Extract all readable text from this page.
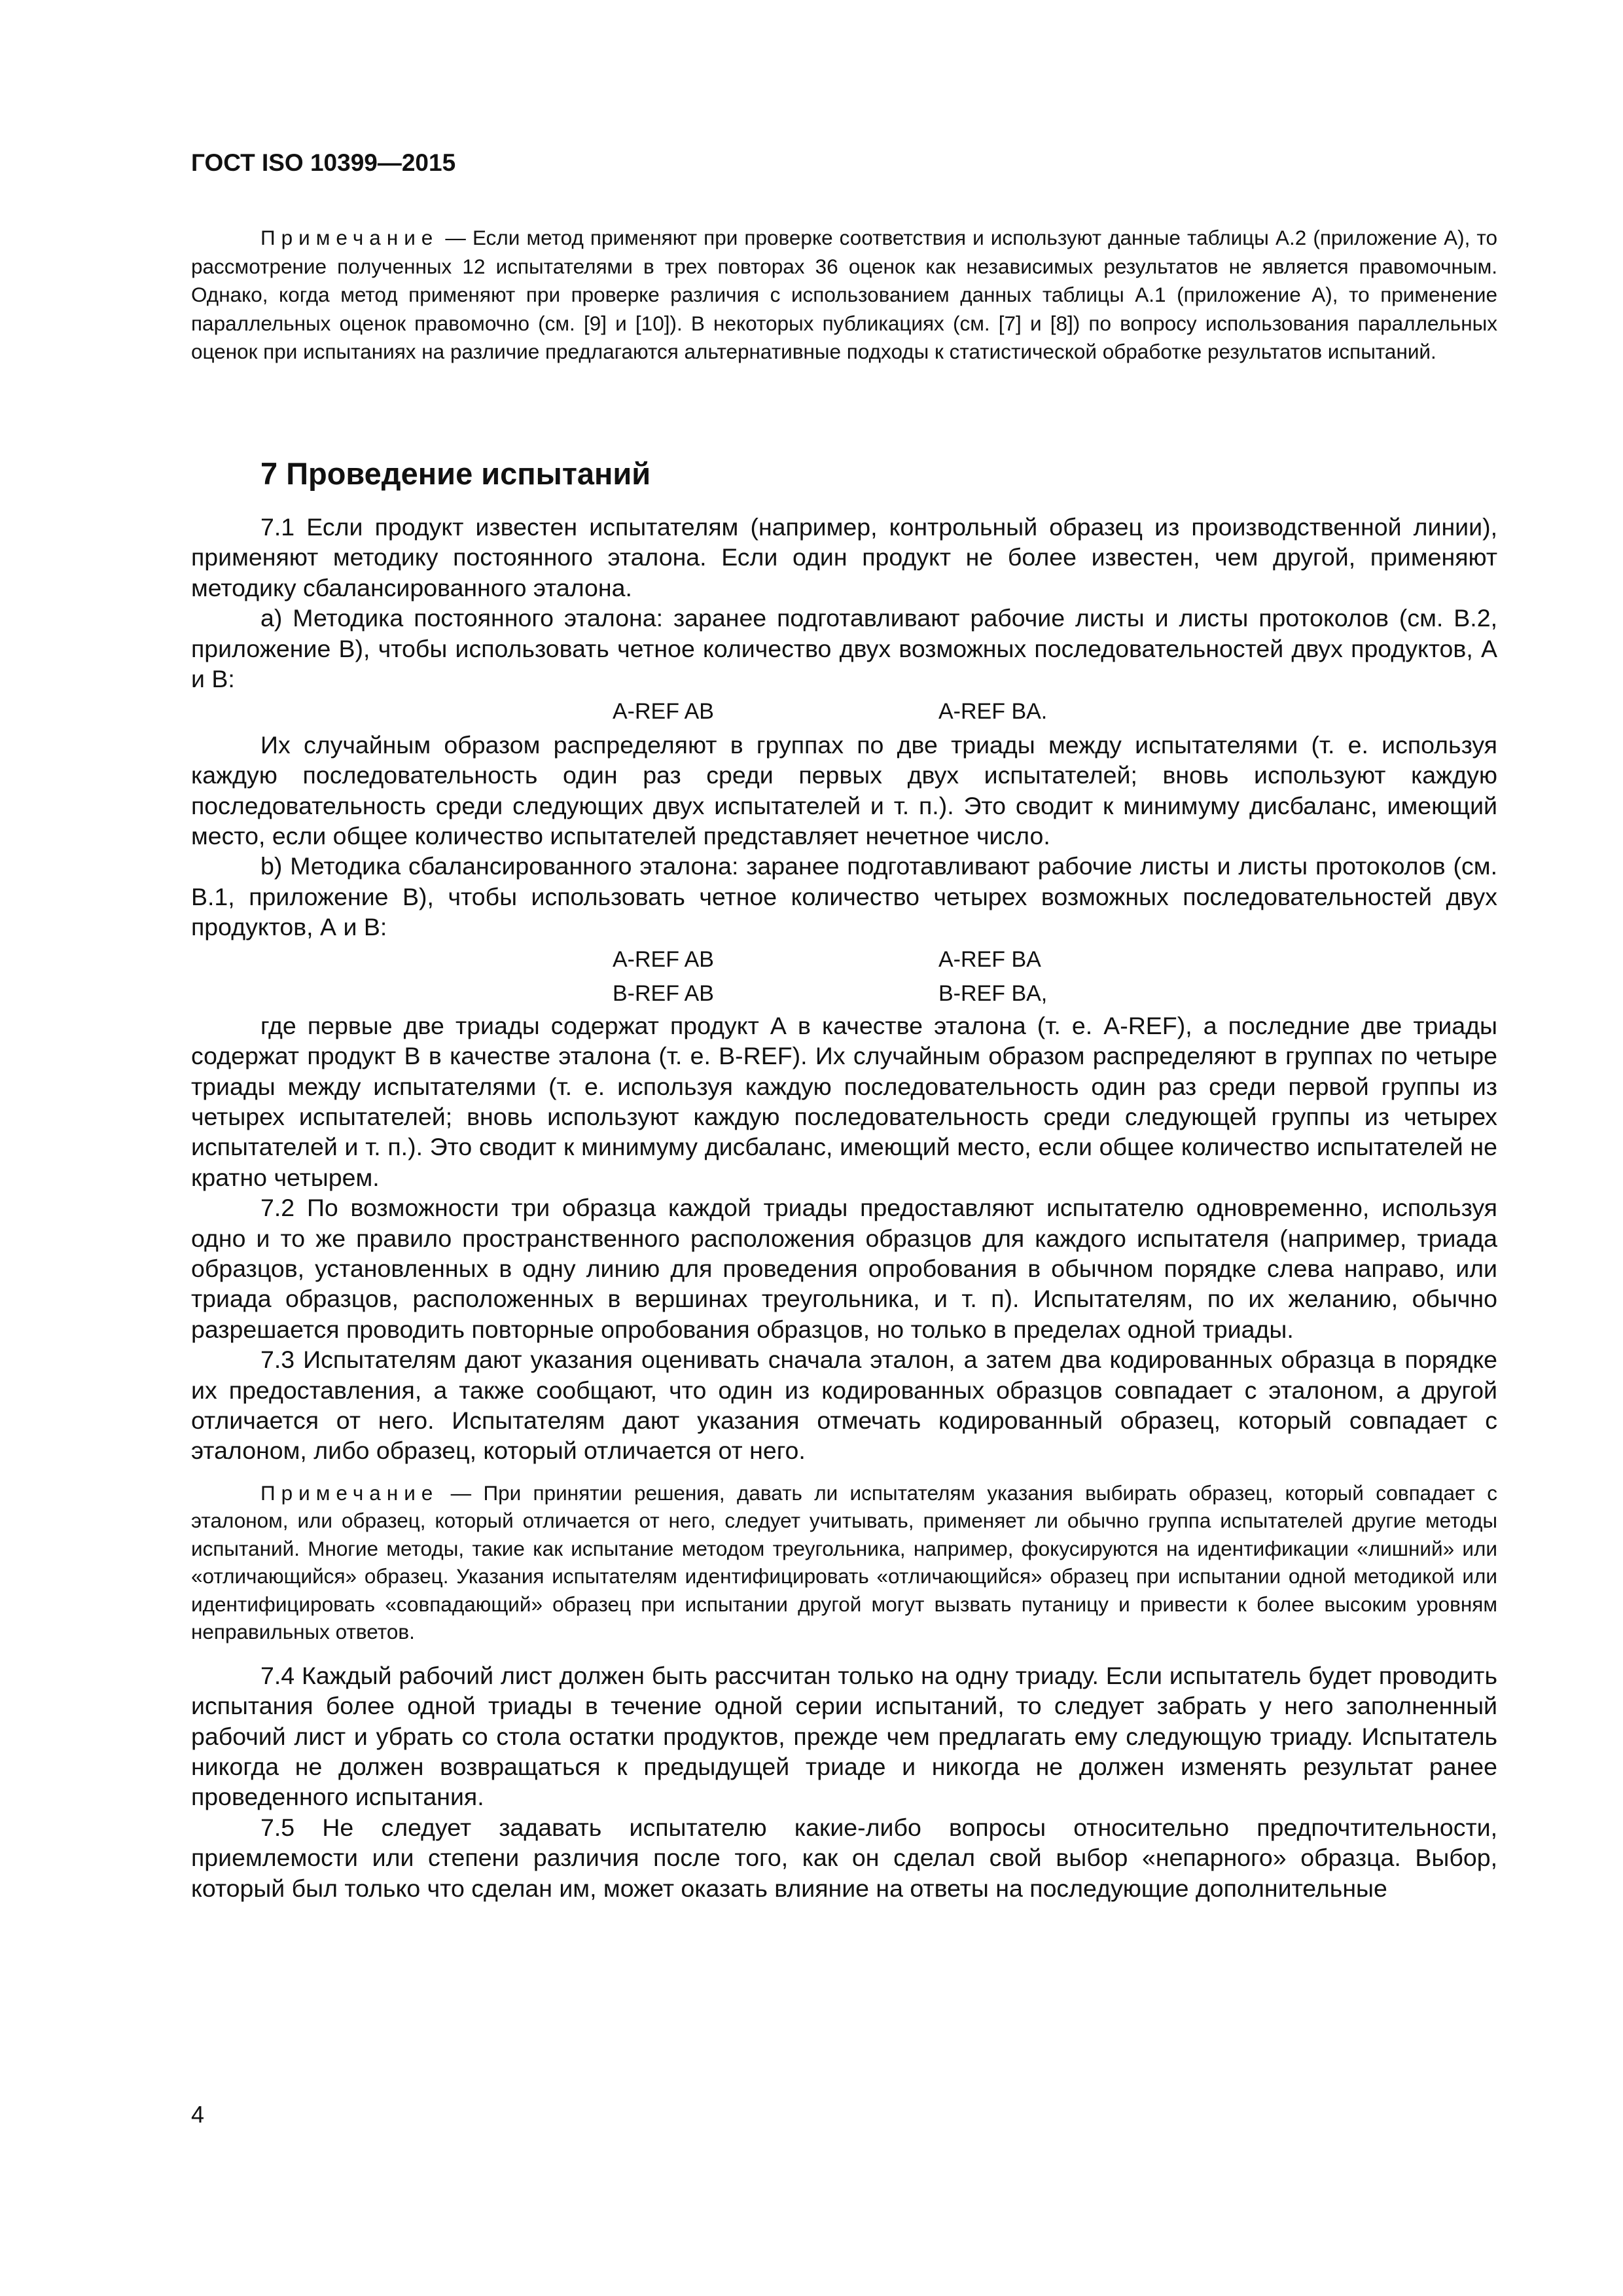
ГОСТ ISO 10399—2015

Примечание — Если метод применяют при проверке соответствия и используют данные таблицы А.2 (приложение А), то рассмотрение полученных 12 испытателями в трех повторах 36 оценок как независимых результатов не является правомочным. Однако, когда метод применяют при проверке различия с использованием данных таблицы А.1 (приложение А), то применение параллельных оценок правомочно (см. [9] и [10]). В некоторых публикациях (см. [7] и [8]) по вопросу использования параллельных оценок при испытаниях на различие предлагаются альтернативные подходы к статистической обработке результатов испытаний.

7 Проведение испытаний

7.1 Если продукт известен испытателям (например, контрольный образец из производственной линии), применяют методику постоянного эталона. Если один продукт не более известен, чем другой, применяют методику сбалансированного эталона.

а) Методика постоянного эталона: заранее подготавливают рабочие листы и листы протоколов (см. В.2, приложение В), чтобы использовать четное количество двух возможных последовательностей двух продуктов, А и В:

A-REF AB	A-REF BA.

Их случайным образом распределяют в группах по две триады между испытателями (т. е. используя каждую последовательность один раз среди первых двух испытателей; вновь используют каждую последовательность среди следующих двух испытателей и т. п.). Это сводит к минимуму дисбаланс, имеющий место, если общее количество испытателей представляет нечетное число.

b) Методика сбалансированного эталона: заранее подготавливают рабочие листы и листы протоколов (см. В.1, приложение В), чтобы использовать четное количество четырех возможных последовательностей двух продуктов, А и В:

A-REF AB	A-REF BA
B-REF AB	B-REF BA,

где первые две триады содержат продукт А в качестве эталона (т. е. A-REF), а последние две триады содержат продукт В в качестве эталона (т. е. B-REF). Их случайным образом распределяют в группах по четыре триады между испытателями (т. е. используя каждую последовательность один раз среди первой группы из четырех испытателей; вновь используют каждую последовательность среди следующей группы из четырех испытателей и т. п.). Это сводит к минимуму дисбаланс, имеющий место, если общее количество испытателей не кратно четырем.

7.2 По возможности три образца каждой триады предоставляют испытателю одновременно, используя одно и то же правило пространственного расположения образцов для каждого испытателя (например, триада образцов, установленных в одну линию для проведения опробования в обычном порядке слева направо, или триада образцов, расположенных в вершинах треугольника, и т. п). Испытателям, по их желанию, обычно разрешается проводить повторные опробования образцов, но только в пределах одной триады.

7.3 Испытателям дают указания оценивать сначала эталон, а затем два кодированных образца в порядке их предоставления, а также сообщают, что один из кодированных образцов совпадает с эталоном, а другой отличается от него. Испытателям дают указания отмечать кодированный образец, который совпадает с эталоном, либо образец, который отличается от него.

Примечание — При принятии решения, давать ли испытателям указания выбирать образец, который совпадает с эталоном, или образец, который отличается от него, следует учитывать, применяет ли обычно группа испытателей другие методы испытаний. Многие методы, такие как испытание методом треугольника, например, фокусируются на идентификации «лишний» или «отличающийся» образец. Указания испытателям идентифицировать «отличающийся» образец при испытании одной методикой или идентифицировать «совпадающий» образец при испытании другой могут вызвать путаницу и привести к более высоким уровням неправильных ответов.

7.4 Каждый рабочий лист должен быть рассчитан только на одну триаду. Если испытатель будет проводить испытания более одной триады в течение одной серии испытаний, то следует забрать у него заполненный рабочий лист и убрать со стола остатки продуктов, прежде чем предлагать ему следующую триаду. Испытатель никогда не должен возвращаться к предыдущей триаде и никогда не должен изменять результат ранее проведенного испытания.

7.5 Не следует задавать испытателю какие-либо вопросы относительно предпочтительности, приемлемости или степени различия после того, как он сделал свой выбор «непарного» образца. Выбор, который был только что сделан им, может оказать влияние на ответы на последующие дополнительные

4
